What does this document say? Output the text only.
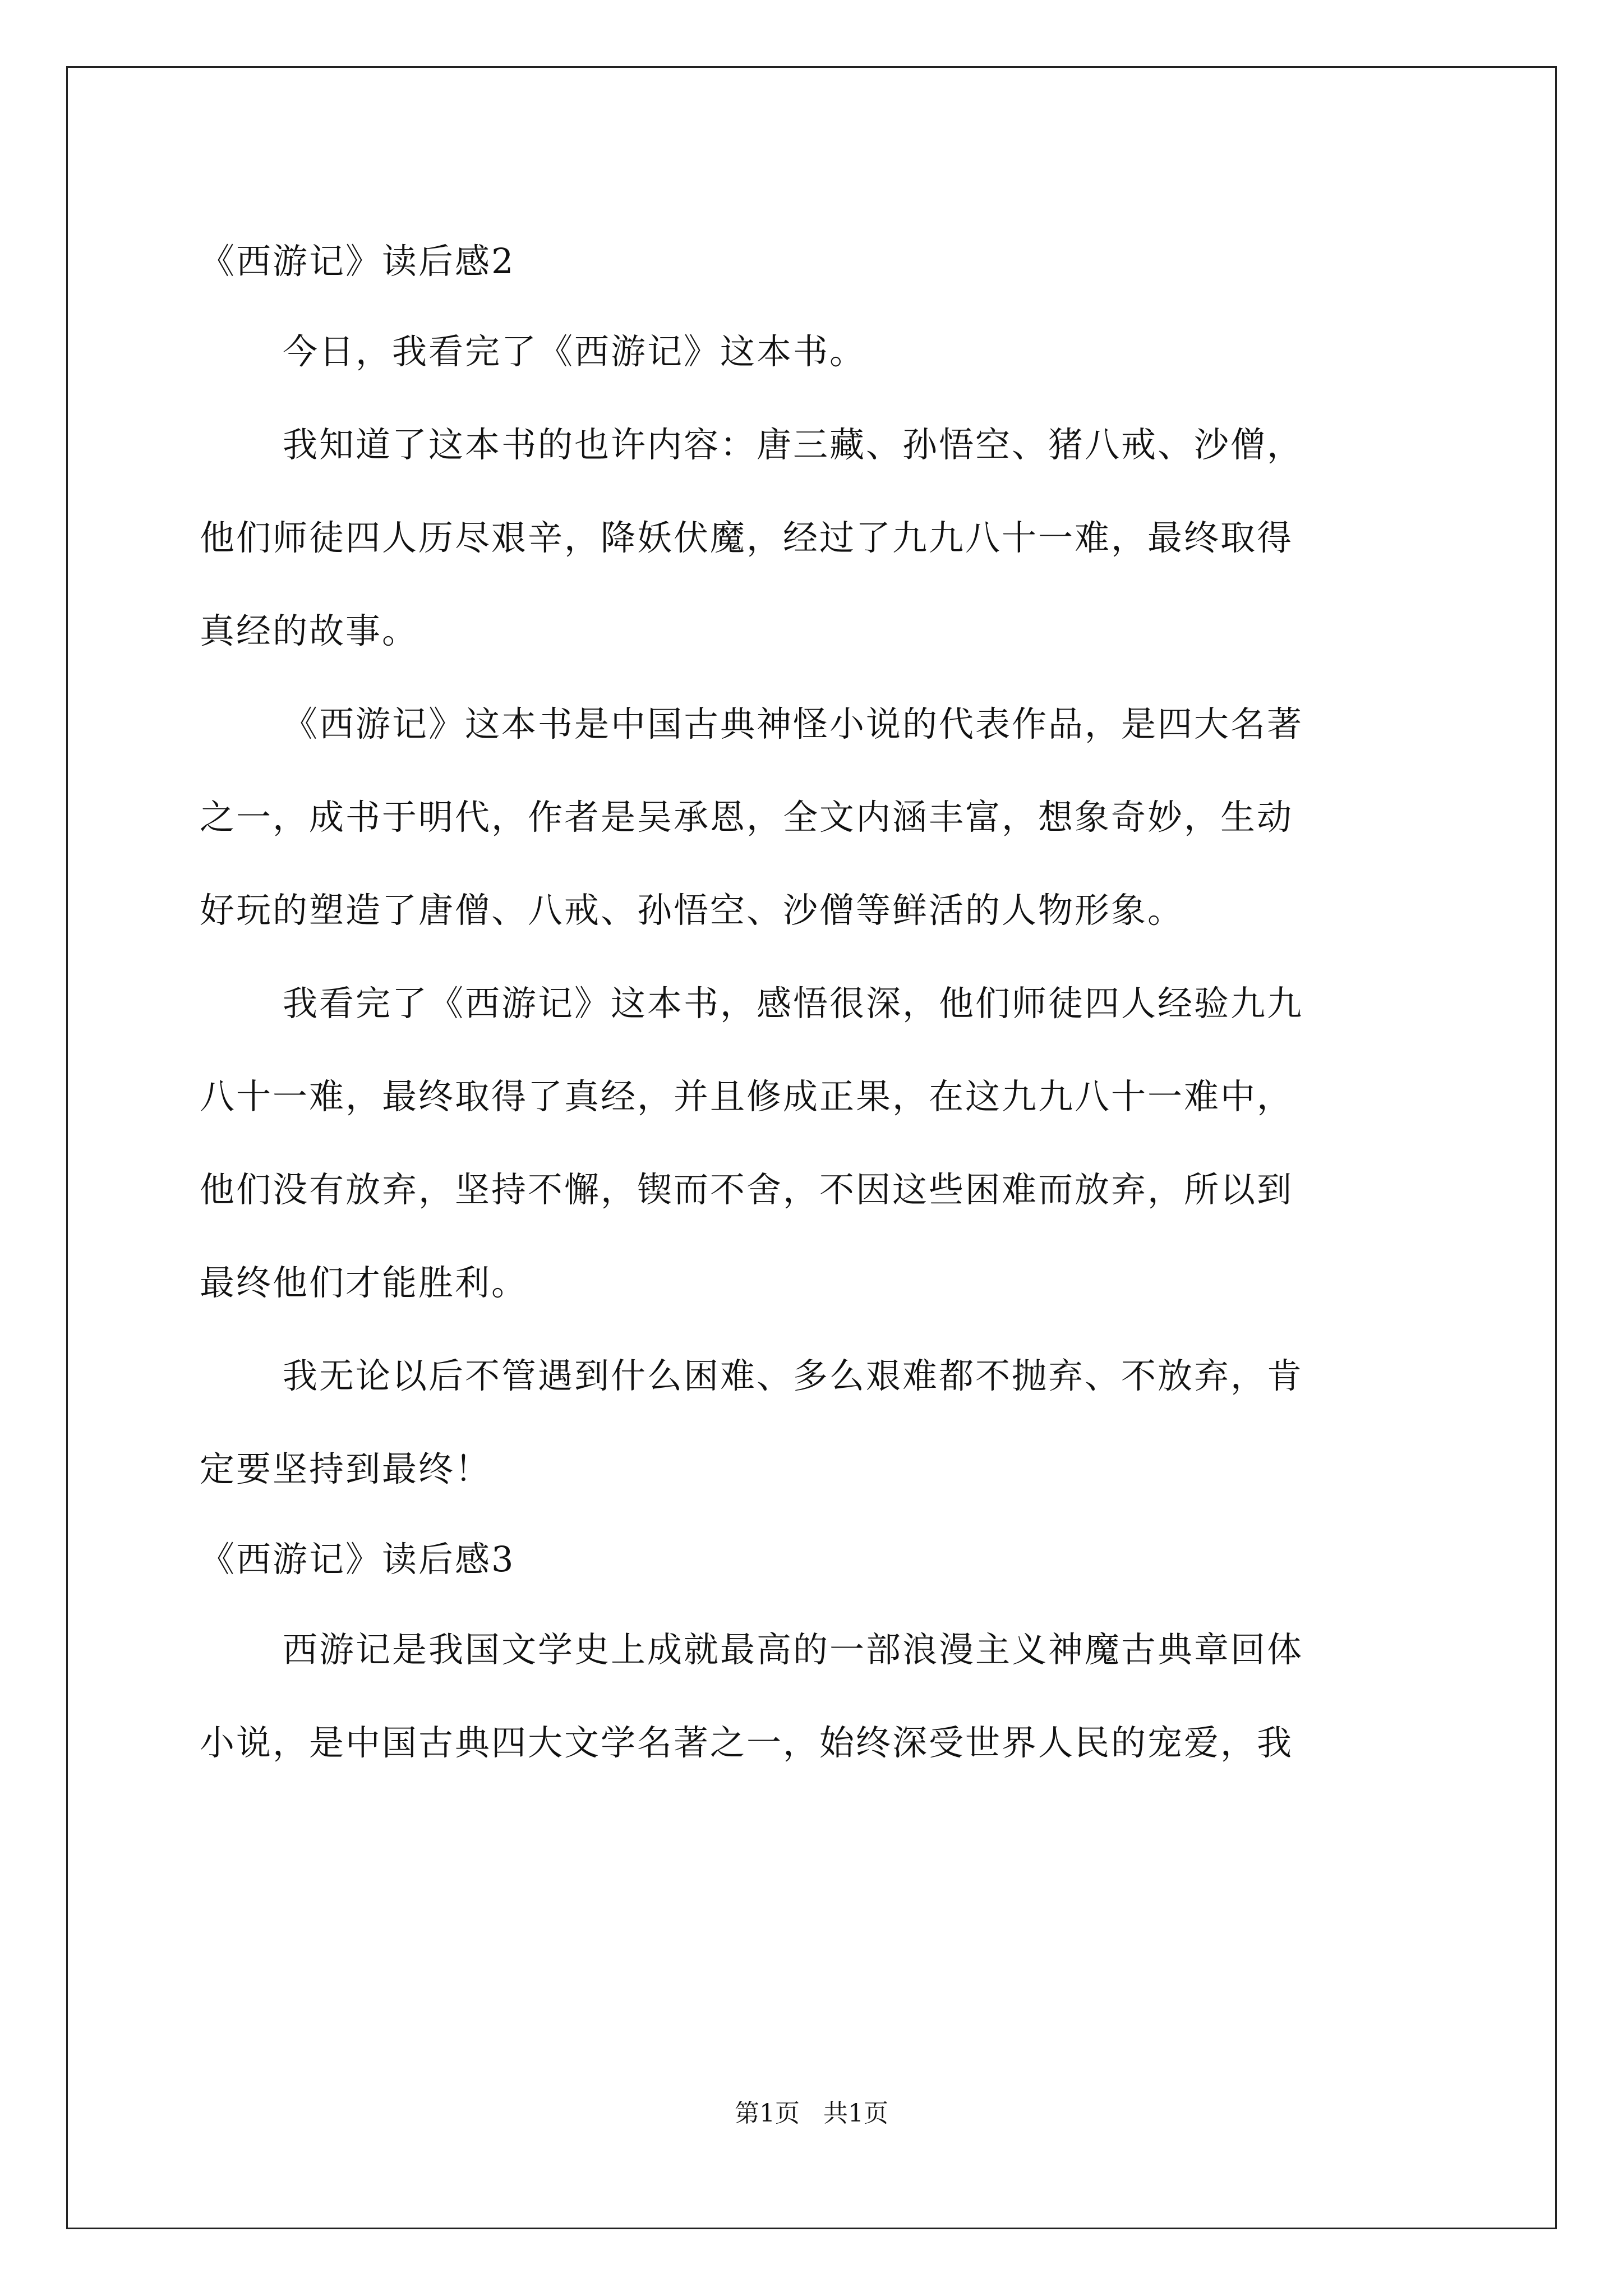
《西游记》读后感2
今日，我看完了《西游记》这本书。
我知道了这本书的也许内容：唐三藏、孙悟空、猪八戒、沙僧，
他们师徒四人历尽艰辛，降妖伏魔，经过了九九八十一难，最终取得
真经的故事。
《西游记》这本书是中国古典神怪小说的代表作品，是四大名著
之一，成书于明代，作者是吴承恩，全文内涵丰富，想象奇妙，生动
好玩的塑造了唐僧、八戒、孙悟空、沙僧等鲜活的人物形象。
我看完了《西游记》这本书，感悟很深，他们师徒四人经验九九
八十一难，最终取得了真经，并且修成正果，在这九九八十一难中，
他们没有放弃，坚持不懈，锲而不舍，不因这些困难而放弃，所以到
最终他们才能胜利。
我无论以后不管遇到什么困难、多么艰难都不抛弃、不放弃，肯
定要坚持到最终！
《西游记》读后感3
西游记是我国文学史上成就最高的一部浪漫主义神魔古典章回体
小说，是中国古典四大文学名著之一，始终深受世界人民的宠爱，我
第1页 共1页
